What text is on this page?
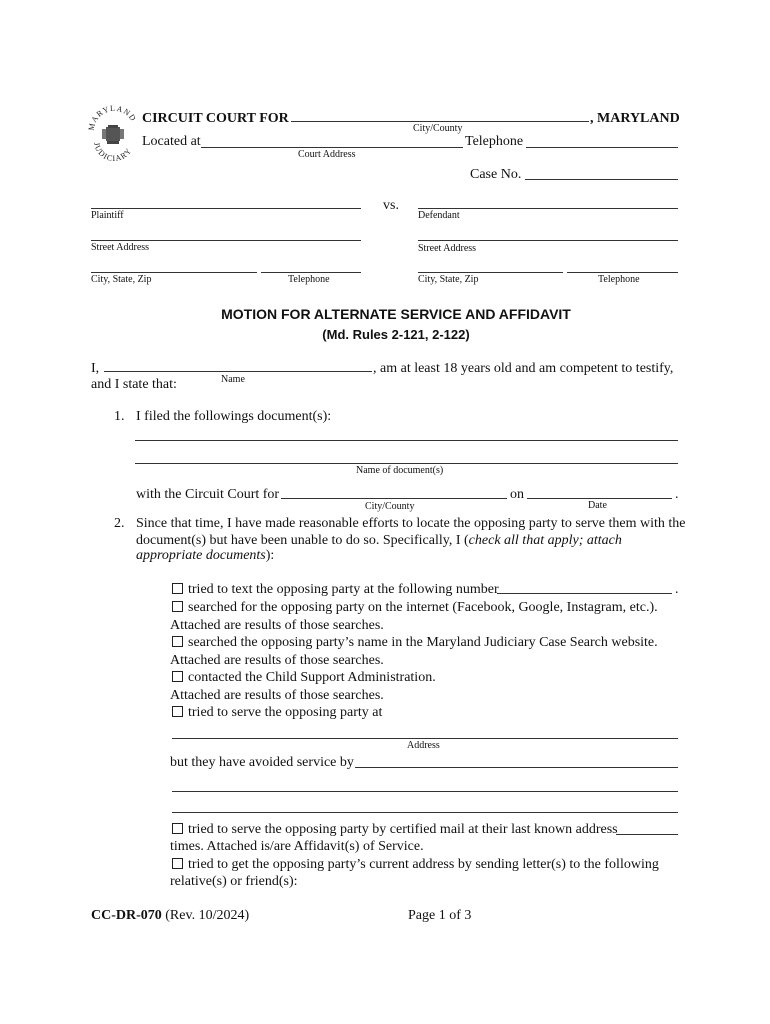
ARYLAND
JUDICIARY
CIRCUIT COURT FOR	, MARYLAND
City/County
Located at	Telephone
Court Address
Case No.
vs.
Plaintiff	Defendant
Street Address	Street Address
City, State, Zip	Telephone	City, State, Zip	Telephone
MOTION FOR ALTERNATE SERVICE AND AFFIDAVIT
(Md. Rules 2-121, 2-122)
I,	, am at least 18 years old and am competent to testify,
and I state that:	Name
1. I filed the followings document(s):
Name of document(s)
with the Circuit Court for	on	.
City/County	Date
2. Since that time, I have made reasonable efforts to locate the opposing party to serve them with the
document(s) but have been unable to do so. Specifically, I (check all that apply; attach
appropriate documents):
tried to text the opposing party at the following number	.
searched for the opposing party on the internet (Facebook, Google, Instagram, etc.).
Attached are results of those searches.
searched the opposing party’s name in the Maryland Judiciary Case Search website.
Attached are results of those searches.
contacted the Child Support Administration.
Attached are results of those searches.
tried to serve the opposing party at
Address
but they have avoided service by
tried to serve the opposing party by certified mail at their last known address
times. Attached is/are Affidavit(s) of Service.
tried to get the opposing party’s current address by sending letter(s) to the following
relative(s) or friend(s):
CC-DR-070 (Rev. 10/2024)	Page 1 of 3
